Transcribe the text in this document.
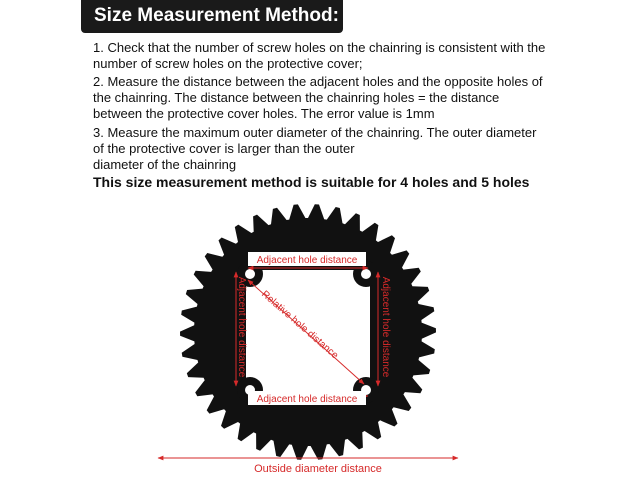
Size Measurement Method:
1. Check that the number of screw holes on the chainring is consistent with the
number of screw holes on the protective cover;
2. Measure the distance between the adjacent holes and the opposite holes of
the chainring. The distance between the chainring holes = the distance
between the protective cover holes. The error value is 1mm
3. Measure the maximum outer diameter of the chainring. The outer diameter
of the protective cover is larger than the outer
diameter of the chainring
This size measurement method is suitable for 4 holes and 5 holes
Adjacent hole distance
Adjacent hole distance
Adjacent hole distance	Adjacent hole distance
Relative hole distance
Outside diameter distance
